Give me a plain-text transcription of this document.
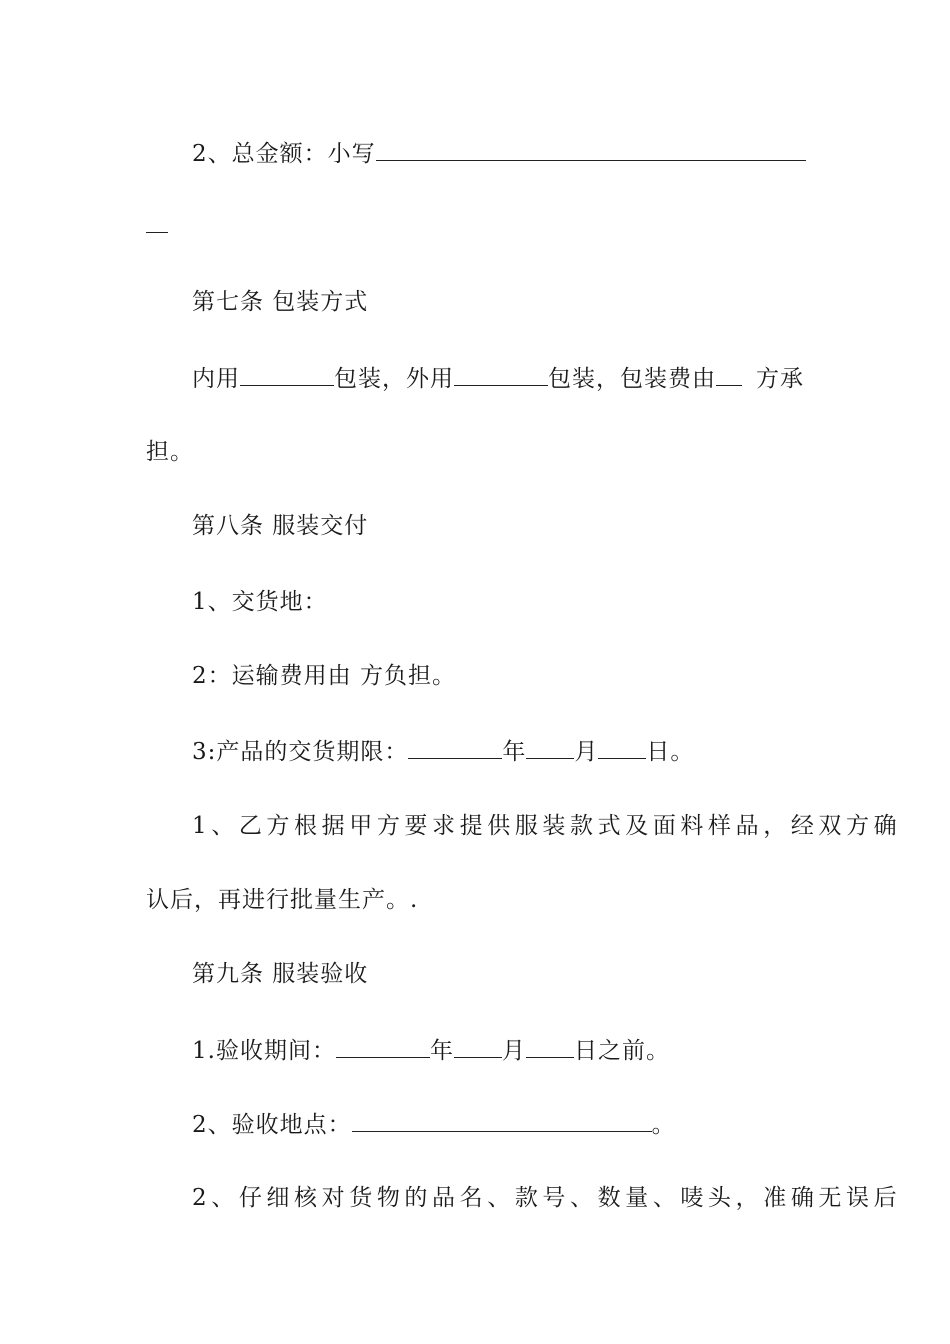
2、总金额：小写
第七条 包装方式
内用	包装，外用	包装，包装费由 方承
担。
第八条 服装交付
1、交货地：
2：运输费用由 方负担。
3:产品的交货期限：	年 月 日。
1、乙方根据甲方要求提供服装款式及面料样品，经双方确
认后，再进行批量生产。.
第九条 服装验收
1.验收期间：	年 月 日之前。
2、验收地点：	。
2、仔细核对货物的品名、款号、数量、唛头，准确无误后
